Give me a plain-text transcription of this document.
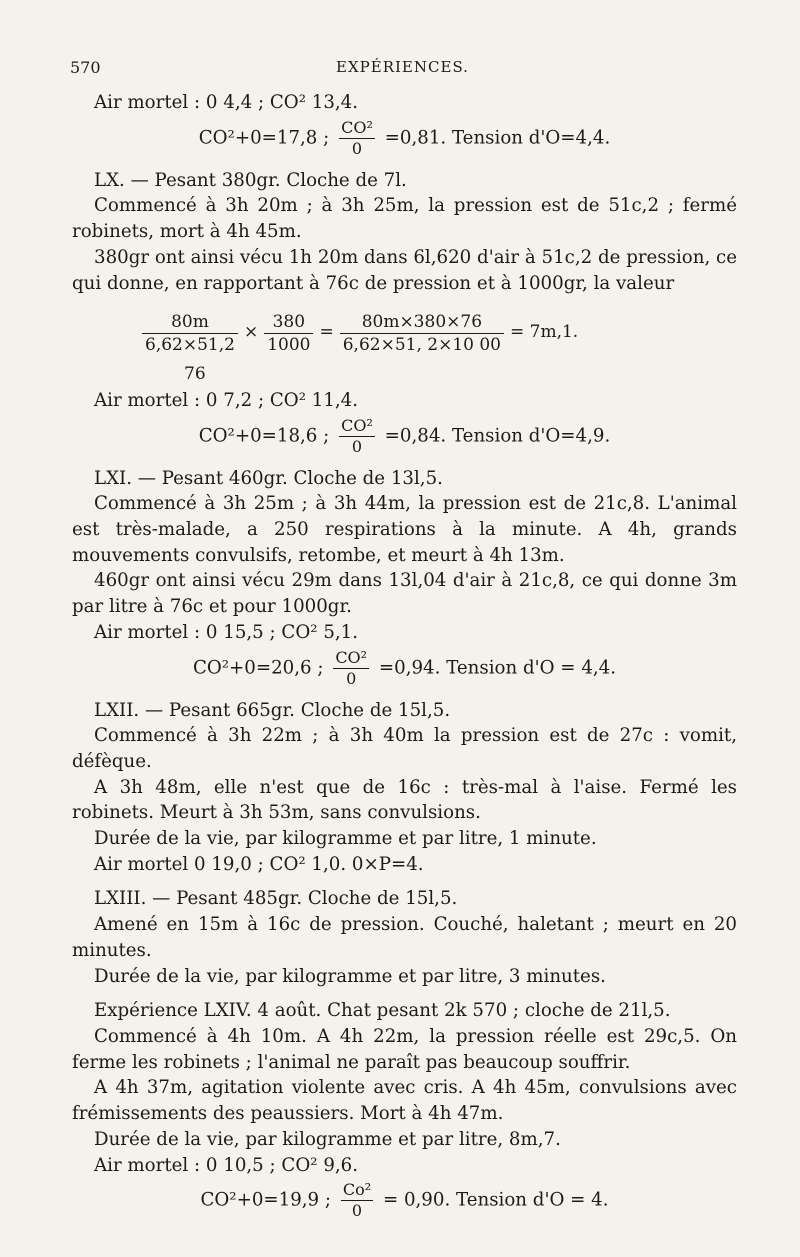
570	EXPÉRIENCES.

Air mortel : 0 4,4 ; CO² 13,4.

CO²+0=17,8 ; $\frac{\text{CO²}}{0} =0,81$. Tension d'O=4,4.

LX. — Pesant 380gr. Cloche de 7l.

Commencé à 3h 20m ; à 3h 25m, la pression est de 51c,2 ; fermé robinets, mort à 4h 45m.

380gr ont ainsi vécu 1h 20m dans 6l,620 d'air à 51c,2 de pression, ce qui donne, en rapportant à 76c de pression et à 1000gr, la valeur

$\frac{80m}{6,62\times 51,2} \times \frac{380}{1000} = \frac{80m\times 380\times 76}{6,62\times 51, 2\times 10 00} = 7m,1$.
76

Air mortel : 0 7,2 ; CO² 11,4.

CO²+0=18,6 ; $\frac{\text{CO²}}{0} =0,84$. Tension d'O=4,9.

LXI. — Pesant 460gr. Cloche de 13l,5.

Commencé à 3h 25m ; à 3h 44m, la pression est de 21c,8. L'animal est très-malade, a 250 respirations à la minute. A 4h, grands mouvements convulsifs, retombe, et meurt à 4h 13m.

460gr ont ainsi vécu 29m dans 13l,04 d'air à 21c,8, ce qui donne 3m par litre à 76c et pour 1000gr.

Air mortel : 0 15,5 ; CO² 5,1.

CO²+0=20,6 ; $\frac{\text{CO²}}{0} =0,94$. Tension d'O = 4,4.

LXII. — Pesant 665gr. Cloche de 15l,5.

Commencé à 3h 22m ; à 3h 40m la pression est de 27c : vomit, défèque.

A 3h 48m, elle n'est que de 16c : très-mal à l'aise. Fermé les robinets. Meurt à 3h 53m, sans convulsions.

Durée de la vie, par kilogramme et par litre, 1 minute.

Air mortel 0 19,0 ; CO² 1,0. 0×P=4.

LXIII. — Pesant 485gr. Cloche de 15l,5.

Amené en 15m à 16c de pression. Couché, haletant ; meurt en 20 minutes.

Durée de la vie, par kilogramme et par litre, 3 minutes.

Expérience LXIV. 4 août. Chat pesant 2k 570 ; cloche de 21l,5.

Commencé à 4h 10m. A 4h 22m, la pression réelle est 29c,5. On ferme les robinets ; l'animal ne paraît pas beaucoup souffrir.

A 4h 37m, agitation violente avec cris. A 4h 45m, convulsions avec frémissements des peaussiers. Mort à 4h 47m.

Durée de la vie, par kilogramme et par litre, 8m,7.

Air mortel : 0 10,5 ; CO² 9,6.

CO²+0=19,9 ; $\frac{\text{Co²}}{0} = 0,90$. Tension d'O = 4.
